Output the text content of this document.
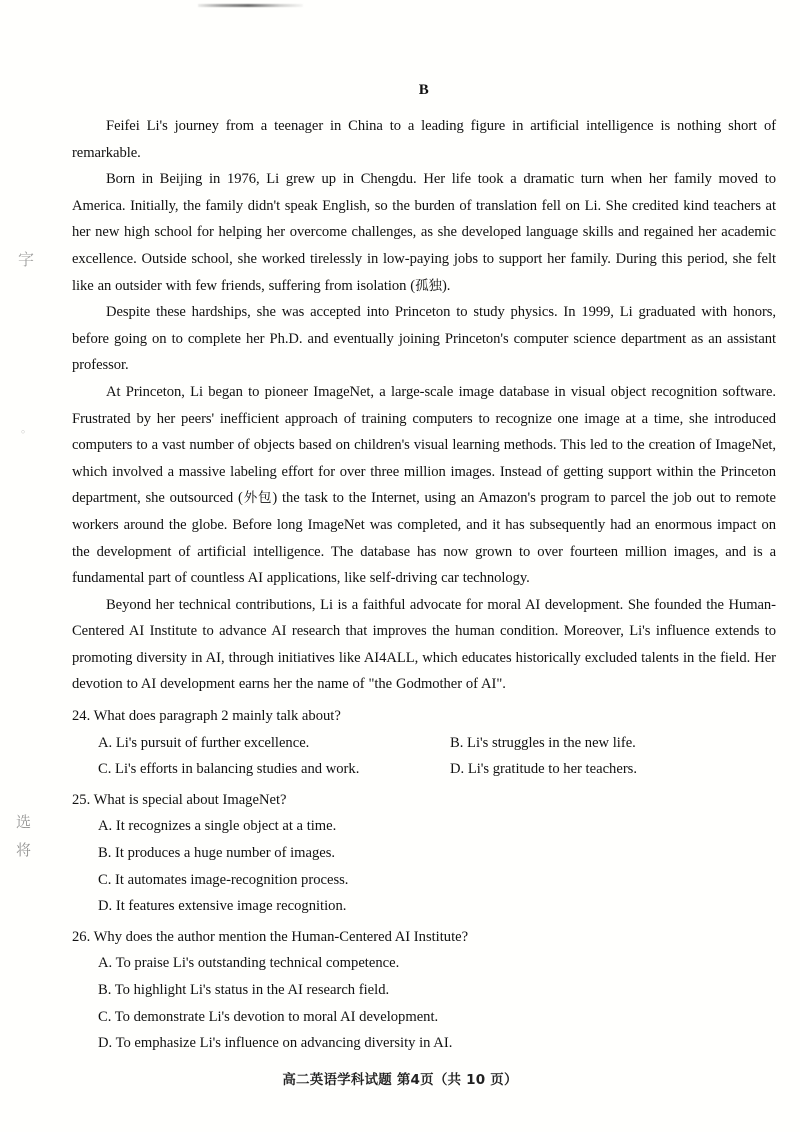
字
。
选
将
B

Feifei Li's journey from a teenager in China to a leading figure in artificial intelligence is nothing short of remarkable.

Born in Beijing in 1976, Li grew up in Chengdu. Her life took a dramatic turn when her family moved to America. Initially, the family didn't speak English, so the burden of translation fell on Li. She credited kind teachers at her new high school for helping her overcome challenges, as she developed language skills and regained her academic excellence. Outside school, she worked tirelessly in low-paying jobs to support her family. During this period, she felt like an outsider with few friends, suffering from isolation (孤独).

Despite these hardships, she was accepted into Princeton to study physics. In 1999, Li graduated with honors, before going on to complete her Ph.D. and eventually joining Princeton's computer science department as an assistant professor.

At Princeton, Li began to pioneer ImageNet, a large-scale image database in visual object recognition software. Frustrated by her peers' inefficient approach of training computers to recognize one image at a time, she introduced computers to a vast number of objects based on children's visual learning methods. This led to the creation of ImageNet, which involved a massive labeling effort for over three million images. Instead of getting support within the Princeton department, she outsourced (外包) the task to the Internet, using an Amazon's program to parcel the job out to remote workers around the globe. Before long ImageNet was completed, and it has subsequently had an enormous impact on the development of artificial intelligence. The database has now grown to over fourteen million images, and is a fundamental part of countless AI applications, like self-driving car technology.

Beyond her technical contributions, Li is a faithful advocate for moral AI development. She founded the Human-Centered AI Institute to advance AI research that improves the human condition. Moreover, Li's influence extends to promoting diversity in AI, through initiatives like AI4ALL, which educates historically excluded talents in the field. Her devotion to AI development earns her the name of "the Godmother of AI".

24. What does paragraph 2 mainly talk about?

A. Li's pursuit of further excellence.	B. Li's struggles in the new life.
C. Li's efforts in balancing studies and work.	D. Li's gratitude to her teachers.

25. What is special about ImageNet?

A. It recognizes a single object at a time.
B. It produces a huge number of images.
C. It automates image-recognition process.
D. It features extensive image recognition.

26. Why does the author mention the Human-Centered AI Institute?

A. To praise Li's outstanding technical competence.
B. To highlight Li's status in the AI research field.
C. To demonstrate Li's devotion to moral AI development.
D. To emphasize Li's influence on advancing diversity in AI.
高二英语学科试题 第4页（共 10 页）
